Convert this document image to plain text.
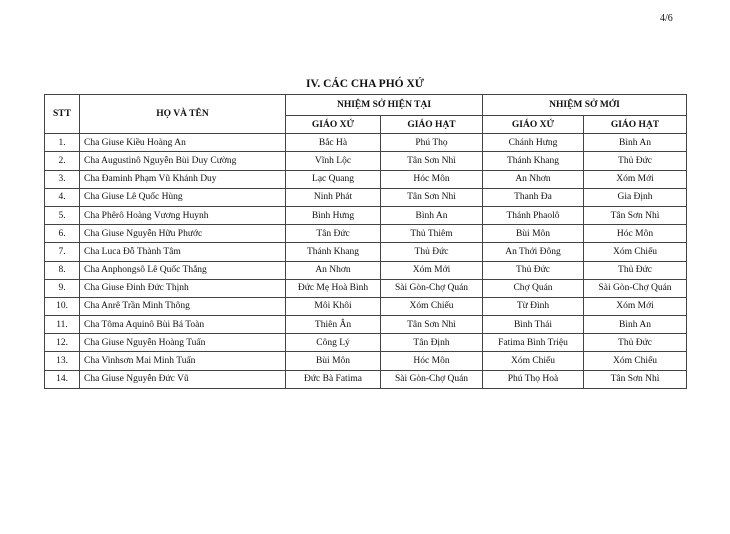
4/6
IV. CÁC CHA PHÓ XỨ
STT	HỌ VÀ TÊN	NHIỆM SỞ HIỆN TẠI		NHIỆM SỞ MỚI	
		GIÁO XỨ	GIÁO HẠT	GIÁO XỨ	GIÁO HẠT
1.	Cha Giuse Kiều Hoàng An	Bắc Hà	Phú Thọ	Chánh Hưng	Bình An
2.	Cha Augustinô Nguyễn Bùi Duy Cường	Vĩnh Lộc	Tân Sơn Nhì	Thánh Khang	Thủ Đức
3.	Cha Đaminh Phạm Vũ Khánh Duy	Lạc Quang	Hóc Môn	An Nhơn	Xóm Mới
4.	Cha Giuse Lê Quốc Hùng	Ninh Phát	Tân Sơn Nhì	Thanh Đa	Gia Định
5.	Cha Phêrô Hoàng Vương Huynh	Bình Hưng	Bình An	Thánh Phaolô	Tân Sơn Nhì
6.	Cha Giuse Nguyễn Hữu Phước	Tân Đức	Thủ Thiêm	Bùi Môn	Hóc Môn
7.	Cha Luca Đỗ Thành Tâm	Thánh Khang	Thủ Đức	An Thới Đông	Xóm Chiếu
8.	Cha Anphongsô Lê Quốc Thắng	An Nhơn	Xóm Mới	Thủ Đức	Thủ Đức
9.	Cha Giuse Đinh Đức Thịnh	Đức Mẹ Hoà Bình	Sài Gòn-Chợ Quán	Chợ Quán	Sài Gòn-Chợ Quán
10.	Cha Anrê Trần Minh Thông	Môi Khôi	Xóm Chiếu	Từ Đình	Xóm Mới
11.	Cha Tôma Aquinô Bùi Bá Toàn	Thiên Ân	Tân Sơn Nhì	Bình Thái	Bình An
12.	Cha Giuse Nguyễn Hoàng Tuấn	Công Lý	Tân Định	Fatima Bình Triệu	Thủ Đức
13.	Cha Vinhsơn Mai Minh Tuấn	Bùi Môn	Hóc Môn	Xóm Chiếu	Xóm Chiếu
14.	Cha Giuse Nguyễn Đức Vũ	Đức Bà Fatima	Sài Gòn-Chợ Quán	Phú Thọ Hoà	Tân Sơn Nhì
